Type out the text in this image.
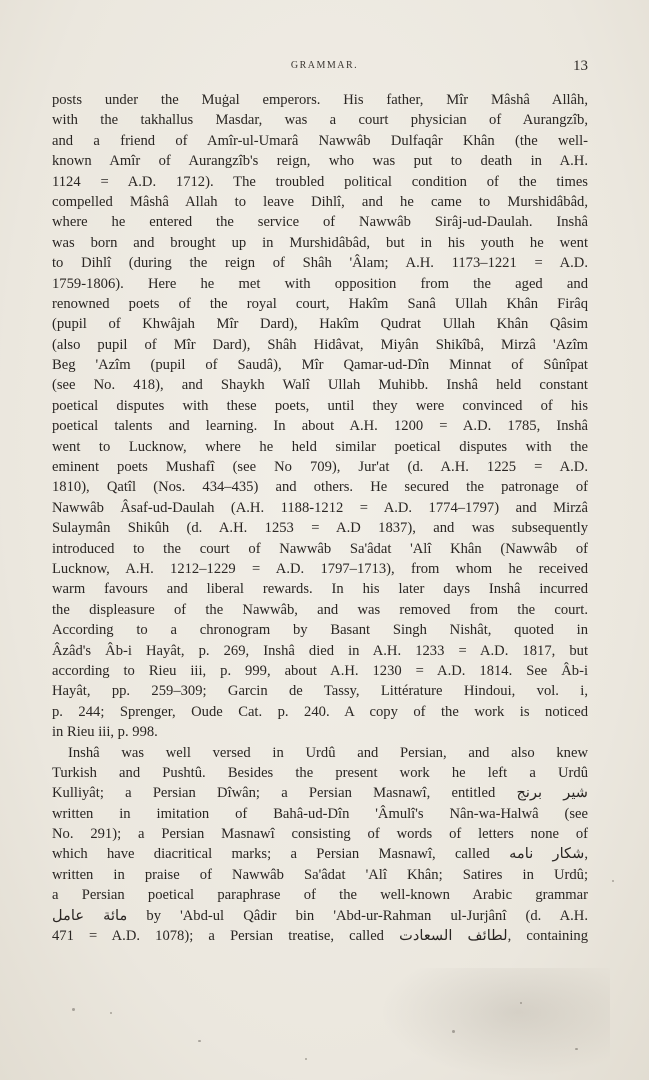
GRAMMAR.	13
posts under the Muġal emperors. His father, Mîr Mâshâ Allâh,
with the takhallus Masdar, was a court physician of Aurangzîb,
and a friend of Amîr-ul-Umarâ Nawwâb Dulfaqâr Khân (the well-
known Amîr of Aurangzîb's reign, who was put to death in A.H.
1124 = A.D. 1712). The troubled political condition of the times
compelled Mâshâ Allah to leave Dihlî, and he came to Murshidâbâd,
where he entered the service of Nawwâb Sirâj-ud-Daulah. Inshâ
was born and brought up in Murshidâbâd, but in his youth he went
to Dihlî (during the reign of Shâh 'Âlam; A.H. 1173–1221 = A.D.
1759-1806). Here he met with opposition from the aged and
renowned poets of the royal court, Hakîm Sanâ Ullah Khân Firâq
(pupil of Khwâjah Mîr Dard), Hakîm Qudrat Ullah Khân Qâsim
(also pupil of Mîr Dard), Shâh Hidâvat, Miyân Shikîbâ, Mirzâ 'Azîm
Beg 'Azîm (pupil of Saudâ), Mîr Qamar-ud-Dîn Minnat of Sûnîpat
(see No. 418), and Shaykh Walî Ullah Muhibb. Inshâ held constant
poetical disputes with these poets, until they were convinced of his
poetical talents and learning. In about A.H. 1200 = A.D. 1785, Inshâ
went to Lucknow, where he held similar poetical disputes with the
eminent poets Mushafî (see No 709), Jur'at (d. A.H. 1225 = A.D.
1810), Qatîl (Nos. 434–435) and others. He secured the patronage of
Nawwâb Âsaf-ud-Daulah (A.H. 1188-1212 = A.D. 1774–1797) and Mirzâ
Sulaymân Shikûh (d. A.H. 1253 = A.D 1837), and was subsequently
introduced to the court of Nawwâb Sa'âdat 'Alî Khân (Nawwâb of
Lucknow, A.H. 1212–1229 = A.D. 1797–1713), from whom he received
warm favours and liberal rewards. In his later days Inshâ incurred
the displeasure of the Nawwâb, and was removed from the court.
According to a chronogram by Basant Singh Nishât, quoted in
Âzâd's Âb-i Hayât, p. 269, Inshâ died in A.H. 1233 = A.D. 1817, but
according to Rieu iii, p. 999, about A.H. 1230 = A.D. 1814. See Âb-i
Hayât, pp. 259–309; Garcin de Tassy, Littérature Hindoui, vol. i,
p. 244; Sprenger, Oude Cat. p. 240. A copy of the work is noticed
in Rieu iii, p. 998.
Inshâ was well versed in Urdû and Persian, and also knew
Turkish and Pushtû. Besides the present work he left a Urdû
Kulliyât; a Persian Dîwân; a Persian Masnawî, entitled شیر برنج
written in imitation of Bahâ-ud-Dîn 'Âmulî's Nân-wa-Halwâ (see
No. 291); a Persian Masnawî consisting of words of letters none of
which have diacritical marks; a Persian Masnawî, called شکار نامه,
written in praise of Nawwâb Sa'âdat 'Alî Khân; Satires in Urdû;
a Persian poetical paraphrase of the well-known Arabic grammar
مائة عامل by 'Abd-ul Qâdir bin 'Abd-ur-Rahman ul-Jurjânî (d. A.H.
471 = A.D. 1078); a Persian treatise, called لطائف السعادت, containing
